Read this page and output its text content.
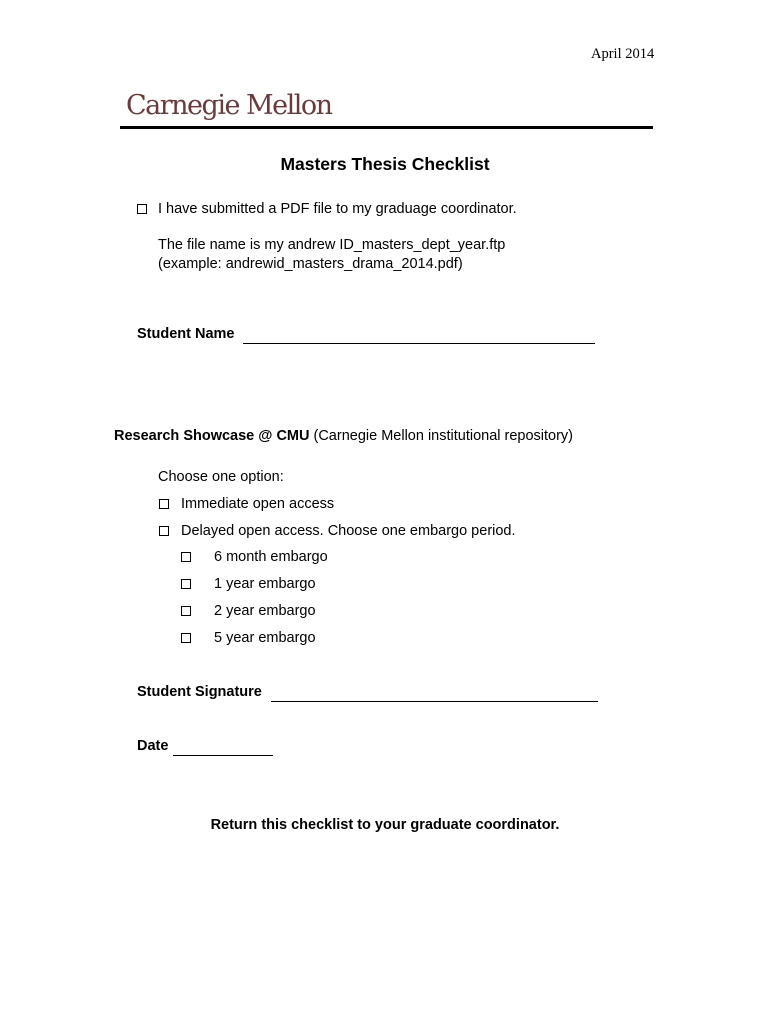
April 2014
Carnegie Mellon
Masters Thesis Checklist
I have submitted a PDF file to my graduage coordinator.
The file name is my andrew ID_masters_dept_year.ftp
(example: andrewid_masters_drama_2014.pdf)
Student Name
Research Showcase @ CMU (Carnegie Mellon institutional repository)
Choose one option:
Immediate open access
Delayed open access. Choose one embargo period.
6 month embargo
1 year embargo
2 year embargo
5 year embargo
Student Signature
Date
Return this checklist to your graduate coordinator.
